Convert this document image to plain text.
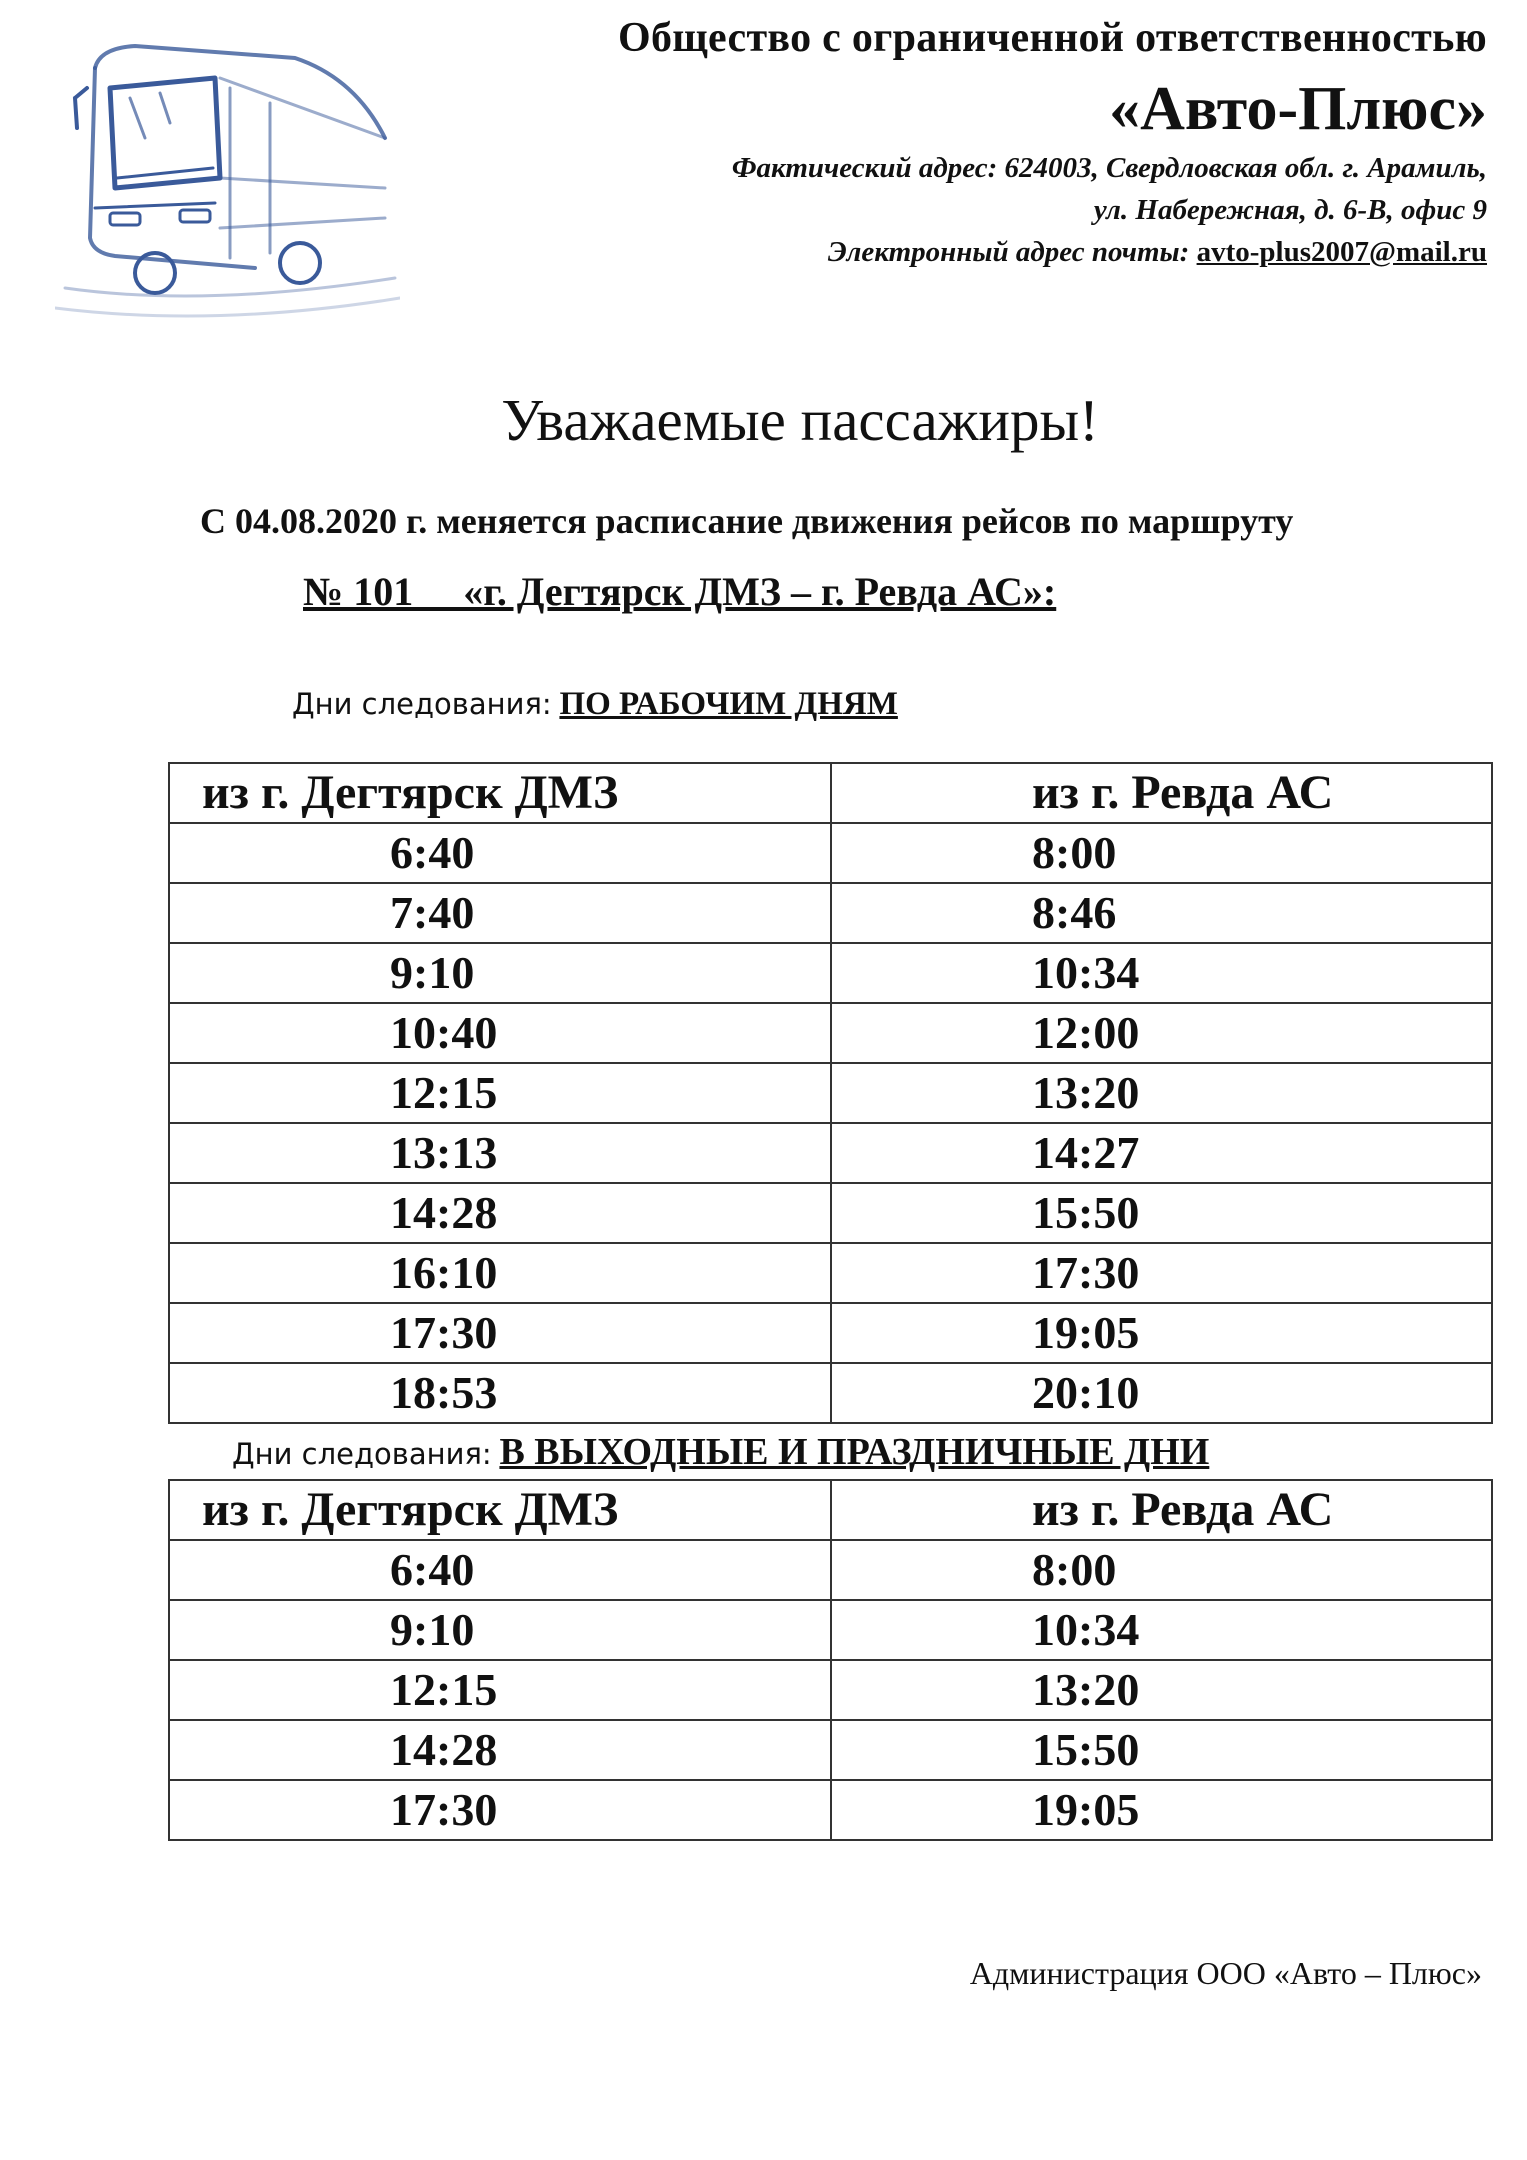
Общество с ограниченной ответственностью
«Авто-Плюс»
Фактический адрес: 624003, Свердловская обл. г. Арамиль,
ул. Набережная, д. 6-В, офис 9
Электронный адрес почты: avto-plus2007@mail.ru
Уважаемые пассажиры!
С 04.08.2020 г. меняется расписание движения рейсов по маршруту
№ 101     «г. Дегтярск ДМЗ – г. Ревда АС»:
Дни следования: ПО РАБОЧИМ ДНЯМ
из г. Дегтярск ДМЗ	из г. Ревда АС
6:40	8:00
7:40	8:46
9:10	10:34
10:40	12:00
12:15	13:20
13:13	14:27
14:28	15:50
16:10	17:30
17:30	19:05
18:53	20:10
Дни следования: В ВЫХОДНЫЕ И ПРАЗДНИЧНЫЕ ДНИ
из г. Дегтярск ДМЗ	из г. Ревда АС
6:40	8:00
9:10	10:34
12:15	13:20
14:28	15:50
17:30	19:05
Администрация ООО «Авто – Плюс»
